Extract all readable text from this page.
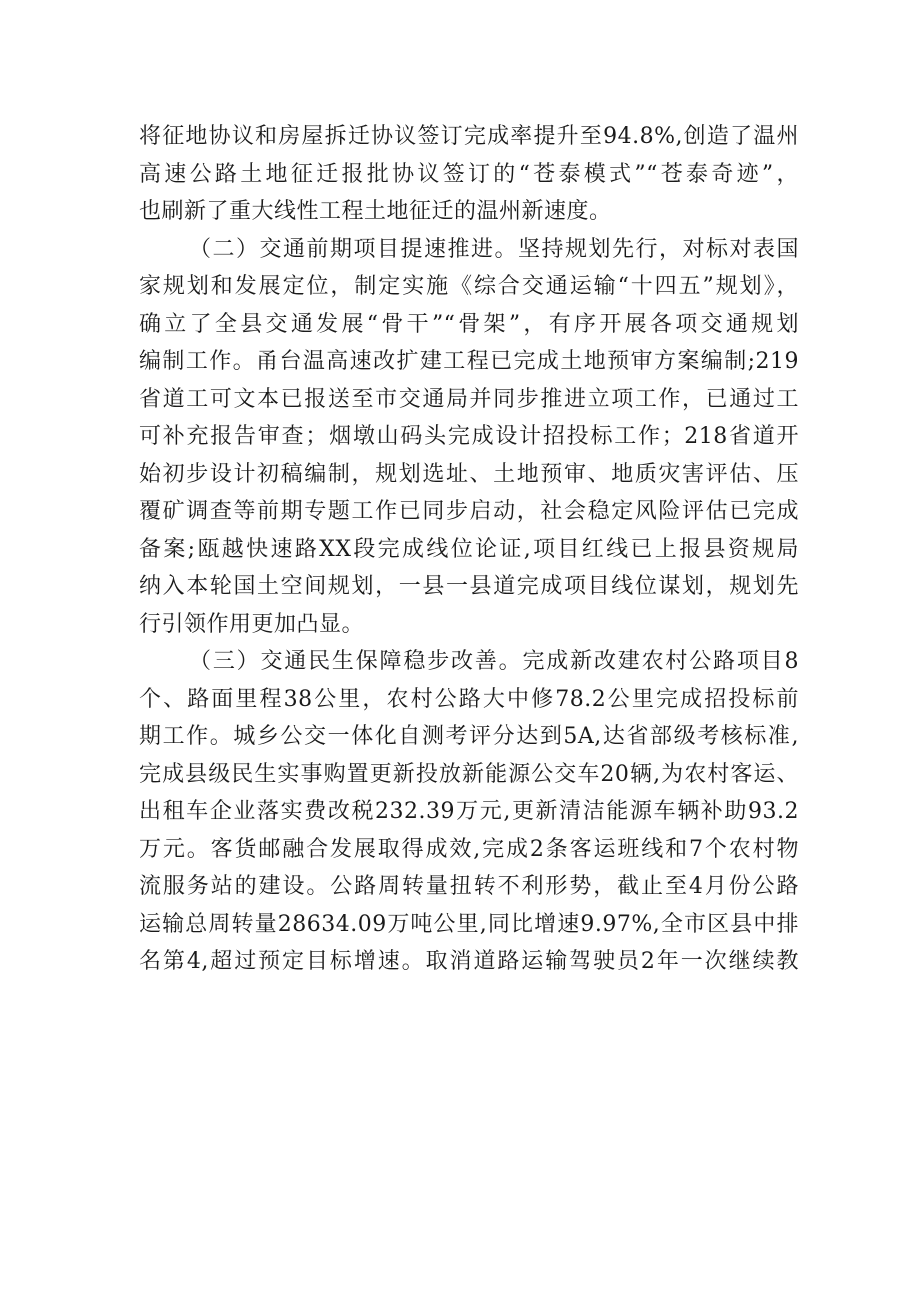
将征地协议和房屋拆迁协议签订完成率提升至94.8%,创造了温州
高速公路土地征迁报批协议签订的“苍泰模式”“苍泰奇迹”，
也刷新了重大线性工程土地征迁的温州新速度。
（二）交通前期项目提速推进。坚持规划先行，对标对表国
家规划和发展定位，制定实施《综合交通运输“十四五”规划》，
确立了全县交通发展“骨干”“骨架”，有序开展各项交通规划
编制工作。甬台温高速改扩建工程已完成土地预审方案编制;219
省道工可文本已报送至市交通局并同步推进立项工作，已通过工
可补充报告审查；烟墩山码头完成设计招投标工作；218省道开
始初步设计初稿编制，规划选址、土地预审、地质灾害评估、压
覆矿调查等前期专题工作已同步启动，社会稳定风险评估已完成
备案;瓯越快速路XX段完成线位论证,项目红线已上报县资规局
纳入本轮国土空间规划，一县一县道完成项目线位谋划，规划先
行引领作用更加凸显。
（三）交通民生保障稳步改善。完成新改建农村公路项目8
个、路面里程38公里，农村公路大中修78.2公里完成招投标前
期工作。城乡公交一体化自测考评分达到5A,达省部级考核标准,
完成县级民生实事购置更新投放新能源公交车20辆,为农村客运、
出租车企业落实费改税232.39万元,更新清洁能源车辆补助93.2
万元。客货邮融合发展取得成效,完成2条客运班线和7个农村物
流服务站的建设。公路周转量扭转不利形势，截止至4月份公路
运输总周转量28634.09万吨公里,同比增速9.97%,全市区县中排
名第4,超过预定目标增速。取消道路运输驾驶员2年一次继续教
